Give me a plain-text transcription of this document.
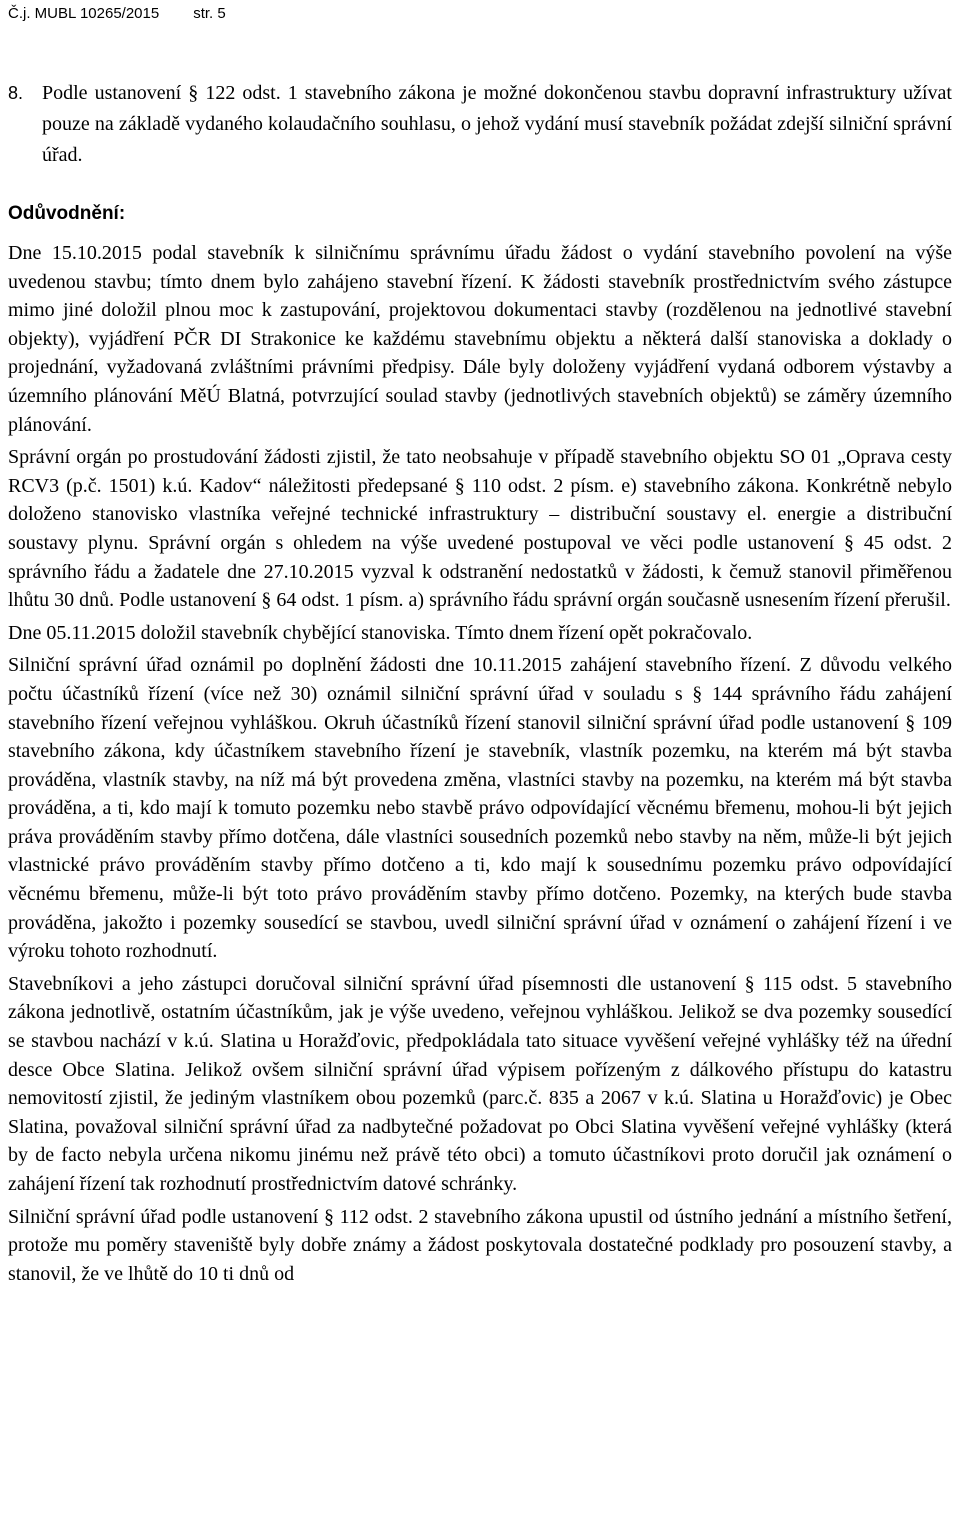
Č.j. MUBL 10265/2015 str. 5
8. Podle ustanovení § 122 odst. 1 stavebního zákona je možné dokončenou stavbu dopravní infrastruktury užívat pouze na základě vydaného kolaudačního souhlasu, o jehož vydání musí stavebník požádat zdejší silniční správní úřad.
Odůvodnění:

Dne 15.10.2015 podal stavebník k silničnímu správnímu úřadu žádost o vydání stavebního povolení na výše uvedenou stavbu; tímto dnem bylo zahájeno stavební řízení. K žádosti stavebník prostřednictvím svého zástupce mimo jiné doložil plnou moc k zastupování, projektovou dokumentaci stavby (rozdělenou na jednotlivé stavební objekty), vyjádření PČR DI Strakonice ke každému stavebnímu objektu a některá další stanoviska a doklady o projednání, vyžadovaná zvláštními právními předpisy. Dále byly doloženy vyjádření vydaná odborem výstavby a územního plánování MěÚ Blatná, potvrzující soulad stavby (jednotlivých stavebních objektů) se záměry územního plánování.

Správní orgán po prostudování žádosti zjistil, že tato neobsahuje v případě stavebního objektu SO 01 „Oprava cesty RCV3 (p.č. 1501) k.ú. Kadov“ náležitosti předepsané § 110 odst. 2 písm. e) stavebního zákona. Konkrétně nebylo doloženo stanovisko vlastníka veřejné technické infrastruktury – distribuční soustavy el. energie a distribuční soustavy plynu. Správní orgán s ohledem na výše uvedené postupoval ve věci podle ustanovení § 45 odst. 2 správního řádu a žadatele dne 27.10.2015 vyzval k odstranění nedostatků v žádosti, k čemuž stanovil přiměřenou lhůtu 30 dnů. Podle ustanovení § 64 odst. 1 písm. a) správního řádu správní orgán současně usnesením řízení přerušil.

Dne 05.11.2015 doložil stavebník chybějící stanoviska. Tímto dnem řízení opět pokračovalo.

Silniční správní úřad oznámil po doplnění žádosti dne 10.11.2015 zahájení stavebního řízení. Z důvodu velkého počtu účastníků řízení (více než 30) oznámil silniční správní úřad v souladu s § 144 správního řádu zahájení stavebního řízení veřejnou vyhláškou. Okruh účastníků řízení stanovil silniční správní úřad podle ustanovení § 109 stavebního zákona, kdy účastníkem stavebního řízení je stavebník, vlastník pozemku, na kterém má být stavba prováděna, vlastník stavby, na níž má být provedena změna, vlastníci stavby na pozemku, na kterém má být stavba prováděna, a ti, kdo mají k tomuto pozemku nebo stavbě právo odpovídající věcnému břemenu, mohou-li být jejich práva prováděním stavby přímo dotčena, dále vlastníci sousedních pozemků nebo stavby na něm, může-li být jejich vlastnické právo prováděním stavby přímo dotčeno a ti, kdo mají k sousednímu pozemku právo odpovídající věcnému břemenu, může-li být toto právo prováděním stavby přímo dotčeno. Pozemky, na kterých bude stavba prováděna, jakožto i pozemky sousedící se stavbou, uvedl silniční správní úřad v oznámení o zahájení řízení i ve výroku tohoto rozhodnutí.

Stavebníkovi a jeho zástupci doručoval silniční správní úřad písemnosti dle ustanovení § 115 odst. 5 stavebního zákona jednotlivě, ostatním účastníkům, jak je výše uvedeno, veřejnou vyhláškou. Jelikož se dva pozemky sousedící se stavbou nachází v k.ú. Slatina u Horažďovic, předpokládala tato situace vyvěšení veřejné vyhlášky též na úřední desce Obce Slatina. Jelikož ovšem silniční správní úřad výpisem pořízeným z dálkového přístupu do katastru nemovitostí zjistil, že jediným vlastníkem obou pozemků (parc.č. 835 a 2067 v k.ú. Slatina u Horažďovic) je Obec Slatina, považoval silniční správní úřad za nadbytečné požadovat po Obci Slatina vyvěšení veřejné vyhlášky (která by de facto nebyla určena nikomu jinému než právě této obci) a tomuto účastníkovi proto doručil jak oznámení o zahájení řízení tak rozhodnutí prostřednictvím datové schránky.

Silniční správní úřad podle ustanovení § 112 odst. 2 stavebního zákona upustil od ústního jednání a místního šetření, protože mu poměry staveniště byly dobře známy a žádost poskytovala dostatečné podklady pro posouzení stavby, a stanovil, že ve lhůtě do 10 ti dnů od
